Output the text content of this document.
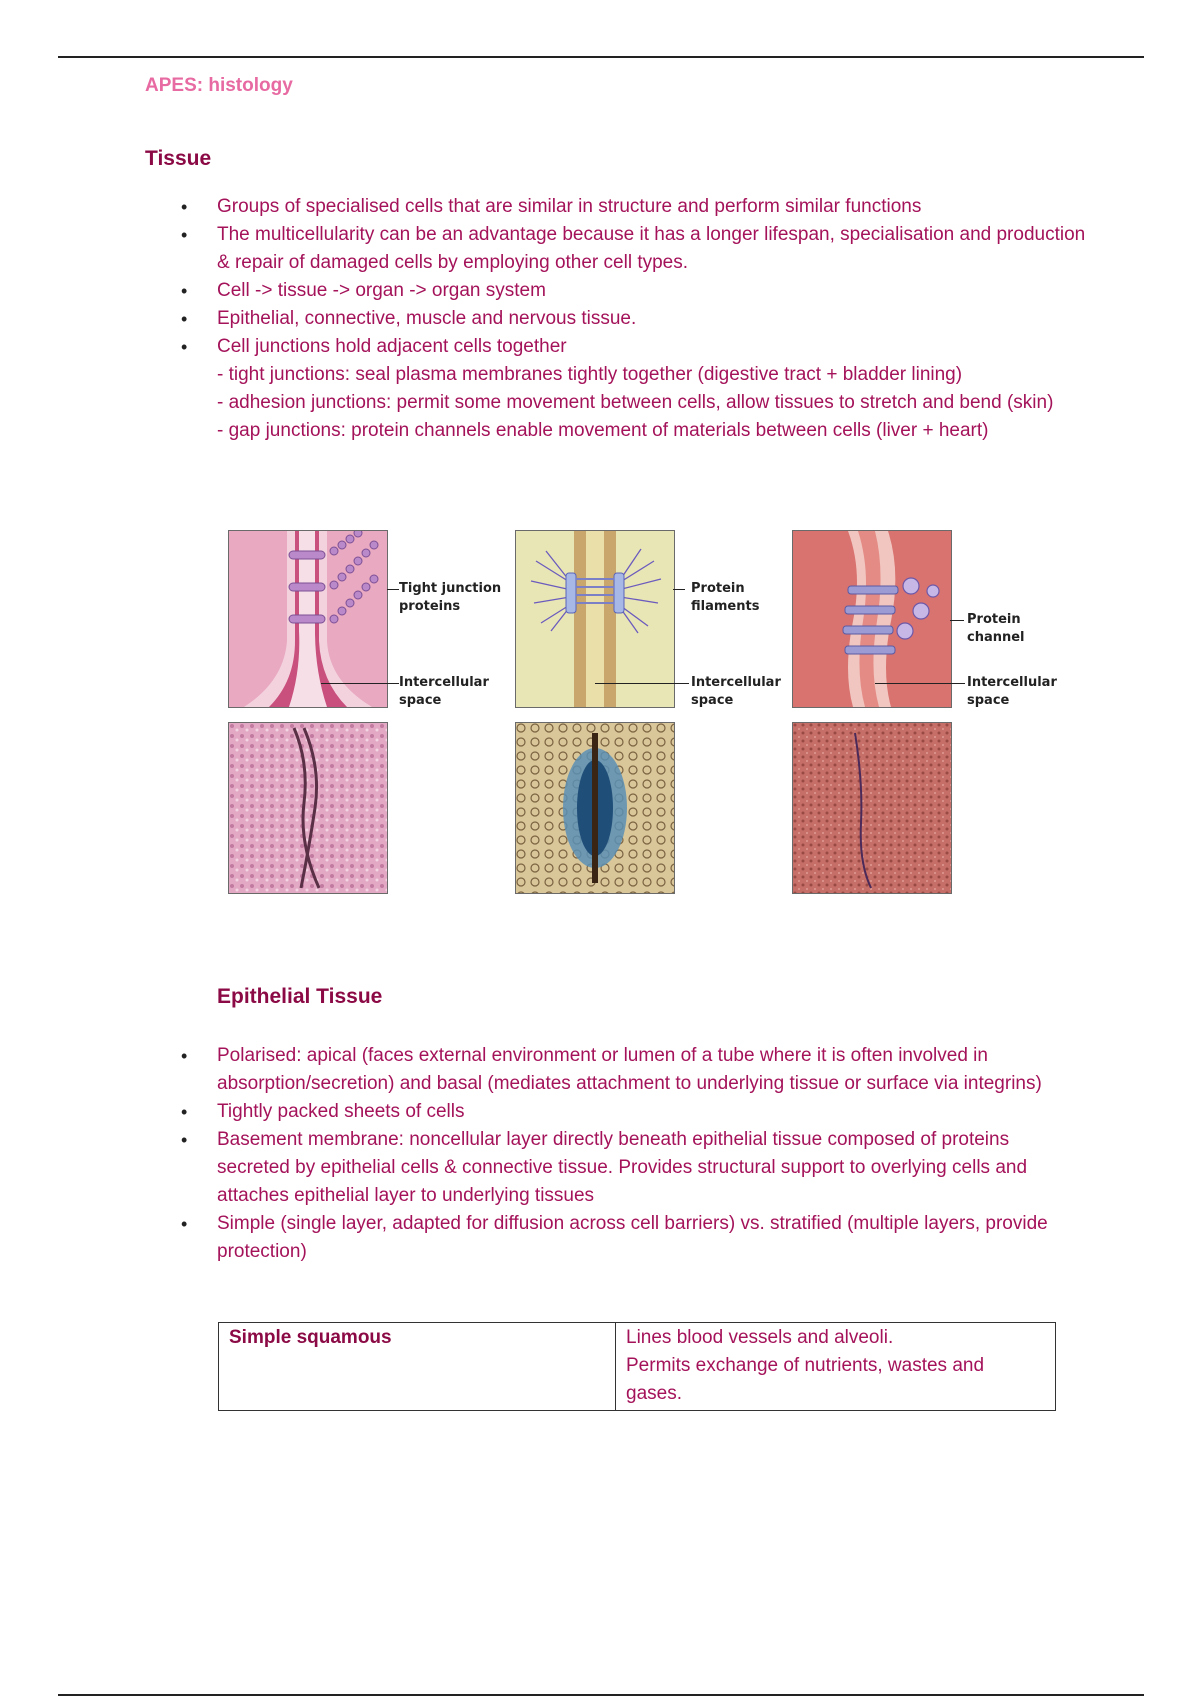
APES: histology
Tissue
• Groups of specialised cells that are similar in structure and perform similar functions
• The multicellularity can be an advantage because it has a longer lifespan, specialisation and production & repair of damaged cells by employing other cell types.
• Cell -> tissue -> organ -> organ system
• Epithelial, connective, muscle and nervous tissue.
• Cell junctions hold adjacent cells together
- tight junctions: seal plasma membranes tightly together (digestive tract + bladder lining)
- adhesion junctions: permit some movement between cells, allow tissues to stretch and bend (skin)
- gap junctions: protein channels enable movement of materials between cells (liver + heart)
Tight junction
proteins
Intercellular
space
Protein
filaments
Intercellular
space
Protein
channel
Intercellular
space
Epithelial Tissue
• Polarised: apical (faces external environment or lumen of a tube where it is often involved in absorption/secretion) and basal (mediates attachment to underlying tissue or surface via integrins)
• Tightly packed sheets of cells
• Basement membrane: noncellular layer directly beneath epithelial tissue composed of proteins secreted by epithelial cells & connective tissue. Provides structural support to overlying cells and attaches epithelial layer to underlying tissues
• Simple (single layer, adapted for diffusion across cell barriers) vs. stratified (multiple layers, provide protection)
Simple squamous	Lines blood vessels and alveoli.
Permits exchange of nutrients, wastes and gases.
